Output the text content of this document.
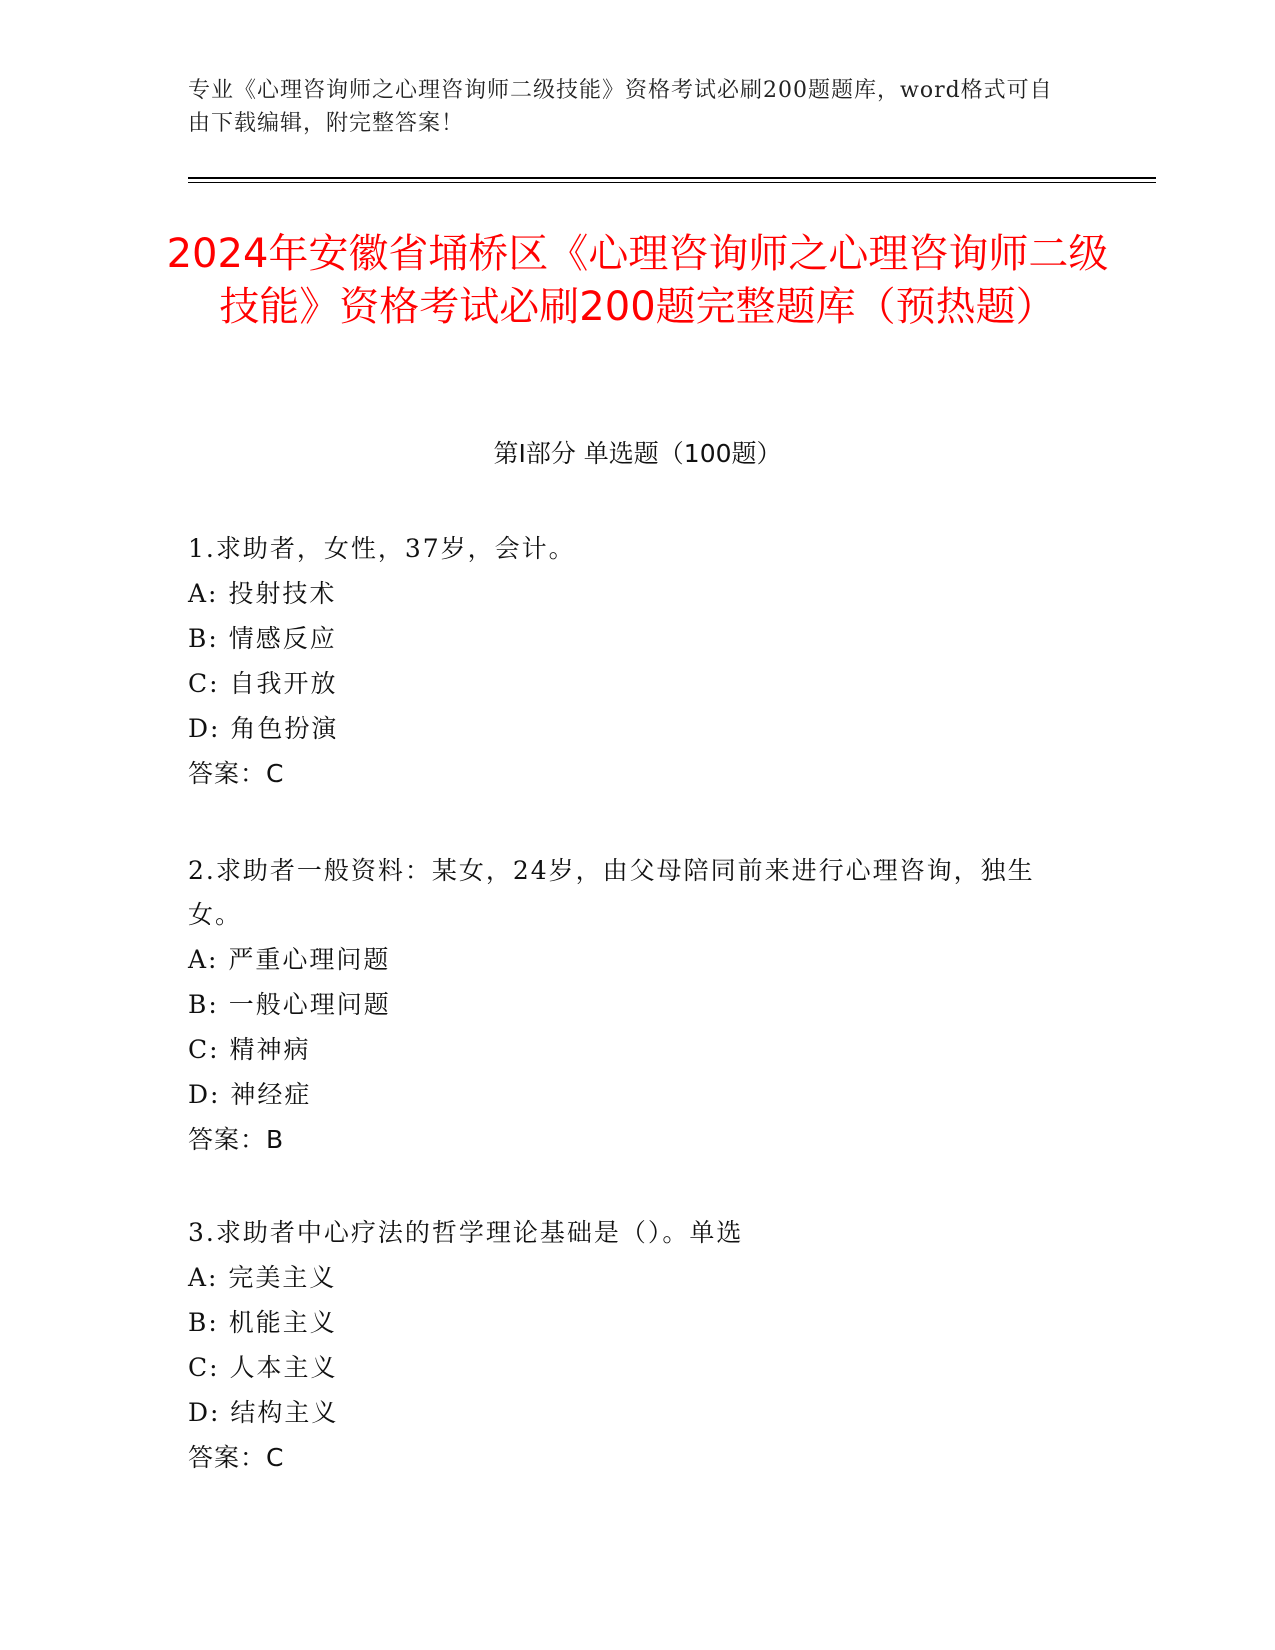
专业《心理咨询师之心理咨询师二级技能》资格考试必刷200题题库，word格式可自由下载编辑，附完整答案！
2024年安徽省埇桥区《心理咨询师之心理咨询师二级技能》资格考试必刷200题完整题库（预热题）
第I部分 单选题（100题）
1.求助者，女性，37岁，会计。
A: 投射技术
B: 情感反应
C: 自我开放
D: 角色扮演
答案：C
2.求助者一般资料：某女，24岁，由父母陪同前来进行心理咨询，独生女。
A: 严重心理问题
B: 一般心理问题
C: 精神病
D: 神经症
答案：B
3.求助者中心疗法的哲学理论基础是（）。单选
A: 完美主义
B: 机能主义
C: 人本主义
D: 结构主义
答案：C
